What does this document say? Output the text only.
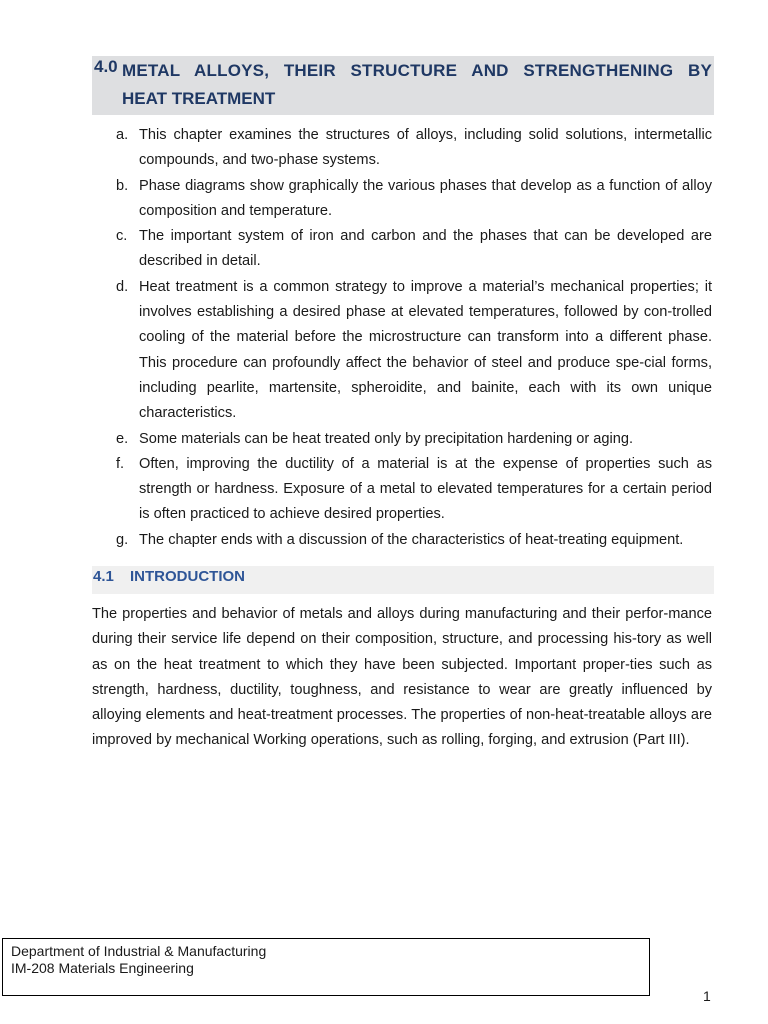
4.0 METAL ALLOYS, THEIR STRUCTURE AND STRENGTHENING BY
HEAT TREATMENT
a. This chapter examines the structures of alloys, including solid solutions, intermetallic compounds, and two-phase systems.
b. Phase diagrams show graphically the various phases that develop as a function of alloy composition and temperature.
c. The important system of iron and carbon and the phases that can be developed are described in detail.
d. Heat treatment is a common strategy to improve a material’s mechanical properties; it involves establishing a desired phase at elevated temperatures, followed by con-trolled cooling of the material before the microstructure can transform into a different phase. This procedure can profoundly affect the behavior of steel and produce spe-cial forms, including pearlite, martensite, spheroidite, and bainite, each with its own unique characteristics.
e. Some materials can be heat treated only by precipitation hardening or aging.
f. Often, improving the ductility of a material is at the expense of properties such as strength or hardness. Exposure of a metal to elevated temperatures for a certain period is often practiced to achieve desired properties.
g. The chapter ends with a discussion of the characteristics of heat-treating equipment.
4.1 INTRODUCTION

The properties and behavior of metals and alloys during manufacturing and their perfor-mance during their service life depend on their composition, structure, and processing his-tory as well as on the heat treatment to which they have been subjected. Important proper-ties such as strength, hardness, ductility, toughness, and resistance to wear are greatly influenced by alloying elements and heat-treatment processes. The properties of non-heat-treatable alloys are improved by mechanical Working operations, such as rolling, forging, and extrusion (Part III).

Department of Industrial & Manufacturing
IM-208 Materials Engineering
1
